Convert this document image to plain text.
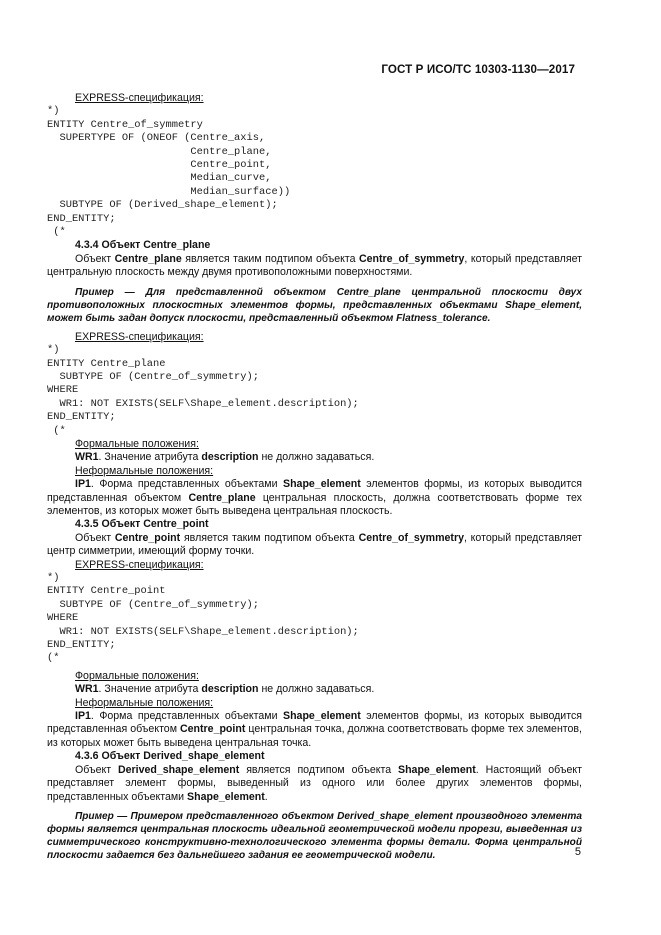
ГОСТ Р ИСО/ТС 10303-1130—2017
EXPRESS-спецификация:
*)
ENTITY Centre_of_symmetry
SUPERTYPE OF (ONEOF (Centre_axis,
Centre_plane,
Centre_point,
Median_curve,
Median_surface))
SUBTYPE OF (Derived_shape_element);
END_ENTITY;
(*

4.3.4 Объект Centre_plane

Объект Centre_plane является таким подтипом объекта Centre_of_symmetry, который представляет центральную плоскость между двумя противоположными поверхностями.

Пример — Для представленной объектом Centre_plane центральной плоскости двух противоположных плоскостных элементов формы, представленных объектами Shape_element, может быть задан допуск плоскости, представленный объектом Flatness_tolerance.

EXPRESS-спецификация:
*)
ENTITY Centre_plane
SUBTYPE OF (Centre_of_symmetry);
WHERE
WR1: NOT EXISTS(SELF\Shape_element.description);
END_ENTITY;
(*
Формальные положения:
WR1. Значение атрибута description не должно задаваться.
Неформальные положения:

IP1. Форма представленных объектами Shape_element элементов формы, из которых выводится представленная объектом Centre_plane центральная плоскость, должна соответствовать форме тех элементов, из которых может быть выведена центральная плоскость.

4.3.5 Объект Centre_point

Объект Centre_point является таким подтипом объекта Centre_of_symmetry, который представляет центр симметрии, имеющий форму точки.

EXPRESS-спецификация:
*)
ENTITY Centre_point
SUBTYPE OF (Centre_of_symmetry);
WHERE
WR1: NOT EXISTS(SELF\Shape_element.description);
END_ENTITY;
(*
Формальные положения:
WR1. Значение атрибута description не должно задаваться.
Неформальные положения:

IP1. Форма представленных объектами Shape_element элементов формы, из которых выводится представленная объектом Centre_point центральная точка, должна соответствовать форме тех элементов, из которых может быть выведена центральная точка.

4.3.6 Объект Derived_shape_element

Объект Derived_shape_element является подтипом объекта Shape_element. Настоящий объект представляет элемент формы, выведенный из одного или более других элементов формы, представленных объектами Shape_element.

Пример — Примером представленного объектом Derived_shape_element производного элемента формы является центральная плоскость идеальной геометрической модели прорези, выведенная из симметрического конструктивно-технологического элемента формы детали. Форма центральной плоскости задается без дальнейшего задания ее геометрической модели.	5
